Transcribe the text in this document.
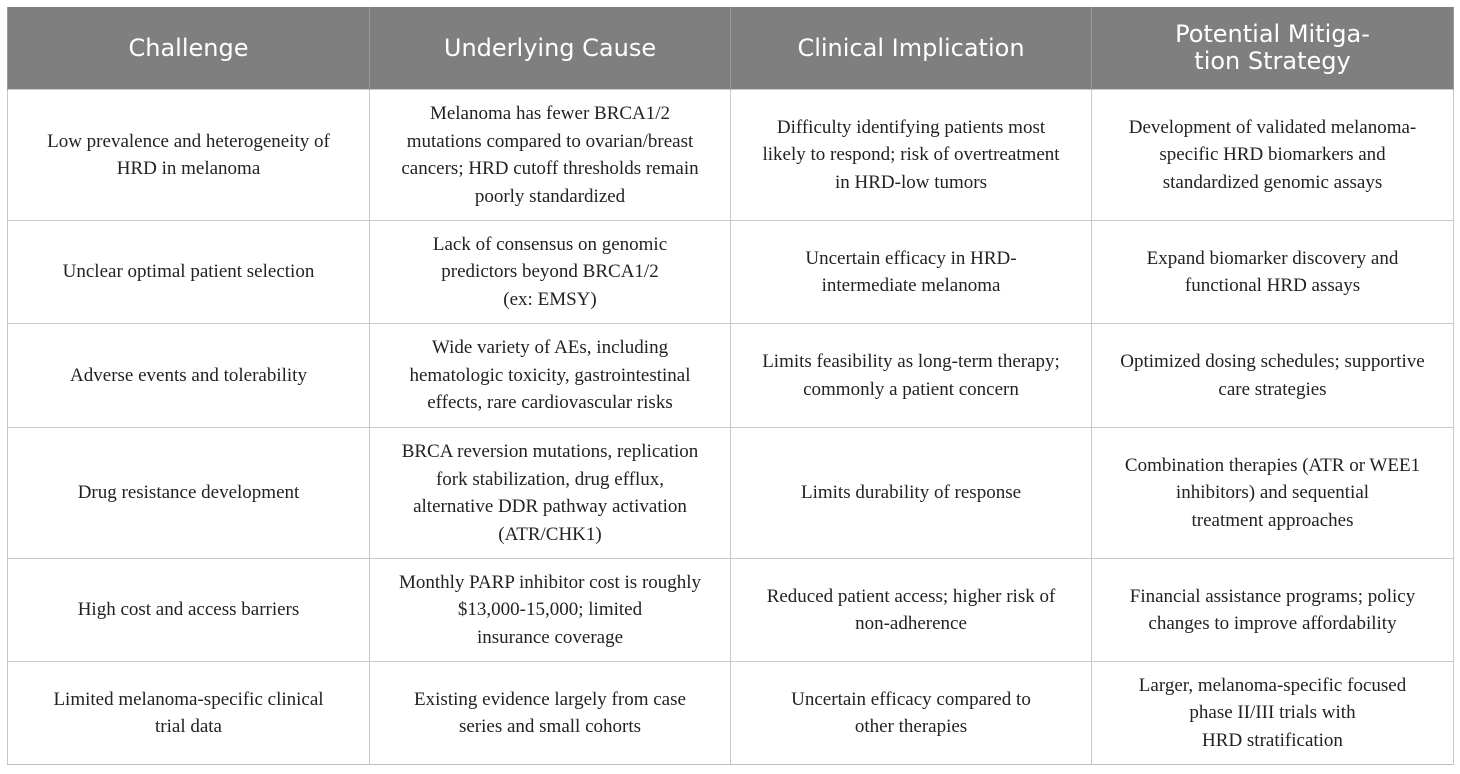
Challenge	Underlying Cause	Clinical Implication	Potential Mitiga-
tion Strategy

Low prevalence and heterogeneity of
HRD in melanoma	Melanoma has fewer BRCA1/2
mutations compared to ovarian/breast
cancers; HRD cutoff thresholds remain
poorly standardized	Difficulty identifying patients most
likely to respond; risk of overtreatment
in HRD-low tumors	Development of validated melanoma-
specific HRD biomarkers and
standardized genomic assays

Unclear optimal patient selection	Lack of consensus on genomic
predictors beyond BRCA1/2
(ex: EMSY)	Uncertain efficacy in HRD-
intermediate melanoma	Expand biomarker discovery and
functional HRD assays

Adverse events and tolerability	Wide variety of AEs, including
hematologic toxicity, gastrointestinal
effects, rare cardiovascular risks	Limits feasibility as long-term therapy;
commonly a patient concern	Optimized dosing schedules; supportive
care strategies

Drug resistance development	BRCA reversion mutations, replication
fork stabilization, drug efflux,
alternative DDR pathway activation
(ATR/CHK1)	Limits durability of response	Combination therapies (ATR or WEE1
inhibitors) and sequential
treatment approaches

High cost and access barriers	Monthly PARP inhibitor cost is roughly
$13,000-15,000; limited
insurance coverage	Reduced patient access; higher risk of
non-adherence	Financial assistance programs; policy
changes to improve affordability

Limited melanoma-specific clinical
trial data	Existing evidence largely from case
series and small cohorts	Uncertain efficacy compared to
other therapies	Larger, melanoma-specific focused
phase II/III trials with
HRD stratification
